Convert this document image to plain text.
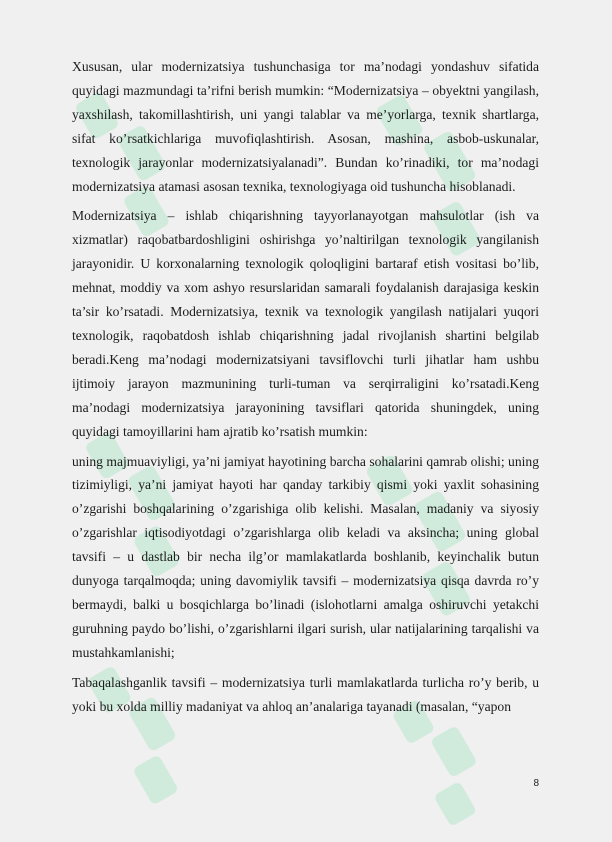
Xususan, ular modernizatsiya tushunchasiga tor ma’nodagi yondashuv sifatida quyidagi mazmundagi ta’rifni berish mumkin: “Modernizatsiya – obyektni yangilash, yaxshilash, takomillashtirish, uni yangi talablar va me’yorlarga, texnik shartlarga, sifat ko’rsatkichlariga muvofiqlashtirish. Asosan, mashina, asbob-uskunalar, texnologik jarayonlar modernizatsiyalanadi”. Bundan ko’rinadiki, tor ma’nodagi modernizatsiya atamasi asosan texnika, texnologiyaga oid tushuncha hisoblanadi.

Modernizatsiya – ishlab chiqarishning tayyorlanayotgan mahsulotlar (ish va xizmatlar) raqobatbardoshligini oshirishga yo’naltirilgan texnologik yangilanish jarayonidir. U korxonalarning texnologik qoloqligini bartaraf etish vositasi bo’lib, mehnat, moddiy va xom ashyo resurslaridan samarali foydalanish darajasiga keskin ta’sir ko’rsatadi. Modernizatsiya, texnik va texnologik yangilash natijalari yuqori texnologik, raqobatdosh ishlab chiqarishning jadal rivojlanish shartini belgilab beradi.Keng ma’nodagi modernizatsiyani tavsiflovchi turli jihatlar ham ushbu ijtimoiy jarayon mazmunining turli-tuman va serqirraligini ko’rsatadi.Keng ma’nodagi modernizatsiya jarayonining tavsiflari qatorida shuningdek, uning quyidagi tamoyillarini ham ajratib ko’rsatish mumkin:

uning majmuaviyligi, ya’ni jamiyat hayotining barcha sohalarini qamrab olishi; uning tizimiyligi, ya’ni jamiyat hayoti har qanday tarkibiy qismi yoki yaxlit sohasining o’zgarishi boshqalarining o’zgarishiga olib kelishi. Masalan, madaniy va siyosiy o’zgarishlar iqtisodiyotdagi o’zgarishlarga olib keladi va aksincha; uning global tavsifi – u dastlab bir necha ilg’or mamlakatlarda boshlanib, keyinchalik butun dunyoga tarqalmoqda; uning davomiylik tavsifi – modernizatsiya qisqa davrda ro’y bermaydi, balki u bosqichlarga bo’linadi (islohotlarni amalga oshiruvchi yetakchi guruhning paydo bo’lishi, o’zgarishlarni ilgari surish, ular natijalarining tarqalishi va mustahkamlanishi;

Tabaqalashganlik tavsifi – modernizatsiya turli mamlakatlarda turlicha ro’y berib, u yoki bu xolda milliy madaniyat va ahloq an’analariga tayanadi (masalan, “yapon

8
